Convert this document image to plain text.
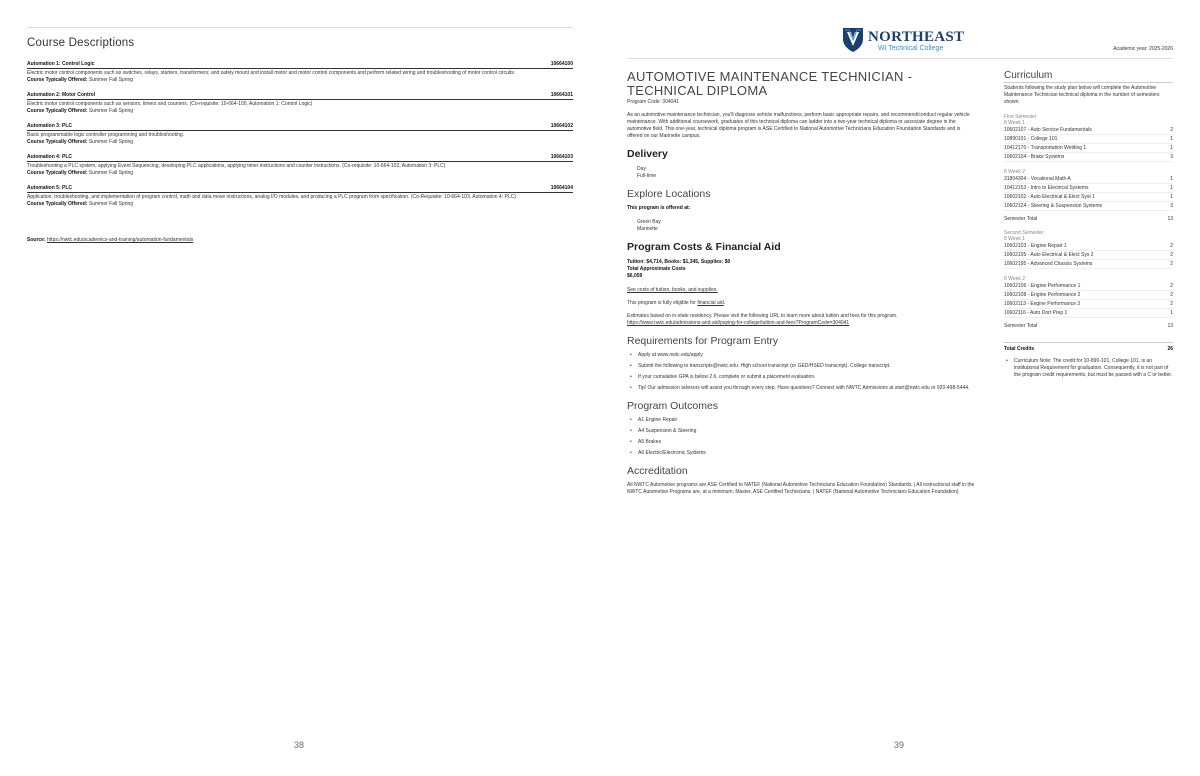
Course Descriptions
Automation 1: Control Logic	10664100
Electric motor control components such as switches, relays, starters, transformers; and safely mount and install motor and motor control components and perform related wiring and troubleshooting of motor control circuits.
Course Typically Offered: Summer Fall Spring
Automation 2: Motor Control	10664101
Electric motor control components such as sensors, timers and counters. (Co-requisite: 10-664-100, Automation 1: Control Logic)
Course Typically Offered: Summer Fall Spring
Automation 3: PLC	10664102
Basic programmable logic controller programming and troubleshooting.
Course Typically Offered: Summer Fall Spring
Automation 4: PLC	10664103
Troubleshooting a PLC system, applying Event Sequencing, developing PLC applications, applying timer instructions and counter instructions. (Co-requisite: 10-664-102, Automation 3: PLC)
Course Typically Offered: Summer Fall Spring
Automation 5: PLC	10664104
Application, troubleshooting, and implementation of program control, math and data move instructions, analog I/O modules, and producing a PLC program from specification. (Co-Requisite: 10-664-103, Automation 4: PLC)
Course Typically Offered: Summer Fall Spring
Source: https://nwtc.edu/academics-and-training/automation-fundamentals
38
NORTHEAST
WI Technical College	Academic year: 2025-2026
AUTOMOTIVE MAINTENANCE TECHNICIAN - TECHNICAL DIPLOMA
Program Code: 304041
As an automotive maintenance technician, you'll diagnose vehicle malfunctions, perform basic appropriate repairs, and recommend/conduct regular vehicle maintenance. With additional coursework, graduates of this technical diploma can ladder into a two-year technical diploma or associate degree in the automotive field. This one-year, technical diploma program is ASE Certified to National Automotive Technicians Education Foundation Standards and is offered on our Marinette campus.
Delivery
Day
Full-time
Explore Locations
This program is offered at:
Green Bay
Marinette
Program Costs & Financial Aid
Tuition: $4,714, Books: $1,345, Supplies: $0
Total Approximate Costs
$6,059
See costs of tuition, books, and supplies.
This program is fully eligible for financial aid.
Estimates based on in-state residency. Please visit the following URL to learn more about tuition and fees for this program.
https://www.nwtc.edu/admissions-and-aid/paying-for-college/tuition-and-fees?ProgramCode=304041
Requirements for Program Entry
• Apply at www.nwtc.edu/apply
• Submit the following to transcripts@nwtc.edu: High school transcript (or GED/HSED transcript). College transcript.
• If your cumulative GPA is below 2.6, complete or submit a placement evaluation.
• Tip! Our admission advisors will assist you through every step. Have questions? Connect with NWTC Admissions at start@nwtc.edu or 920-498-5444.
Program Outcomes
• A1 Engine Repair
• A4 Suspension & Steering
• A5 Brakes
• A6 Electric/Electronic Systems
Accreditation
All NWTC Automotive programs are ASE Certified to NATEF (National Automotive Technicians Education Foundation) Standards. | All instructional staff in the NWTC Automotive Programs are, at a minimum, Master, ASE Certified Technicians. | NATEF (National Automotive Technicians Education Foundation)
Curriculum
Students following the study plan below will complete the Automotive Maintenance Technician technical diploma in the number of semesters shown.
First Semester
8 Week 1
10602107 - Auto Service Fundamentals	2
10890101 - College 101	1
10412170 - Transportation Welding 1	1
10602104 - Brake Systems	3
8 Week 2
31804304 - Vocational Math A	1
10412153 - Intro to Electrical Systems	1
10602102 - Auto Electrical & Elect Syst 1	1
10602124 - Steering & Suspension Systems	3
Semester Total	13
Second Semester
8 Week 1
10602103 - Engine Repair 1	2
10602105 - Auto Electrical & Elect Sys 2	2
10602195 - Advanced Chassis Systems	2
8 Week 2
10602106 - Engine Performance 1	2
10602108 - Engine Performance 2	2
10602113 - Engine Performance 3	2
10602116 - Auto Dort Prep 1	1
Semester Total	13
Total Credits	26
• Curriculum Note: The credit for 10-890-101, College 101, is an institutional Requirement for graduation. Consequently, it is not part of the program credit requirements, but must be passed with a C or better.
39
